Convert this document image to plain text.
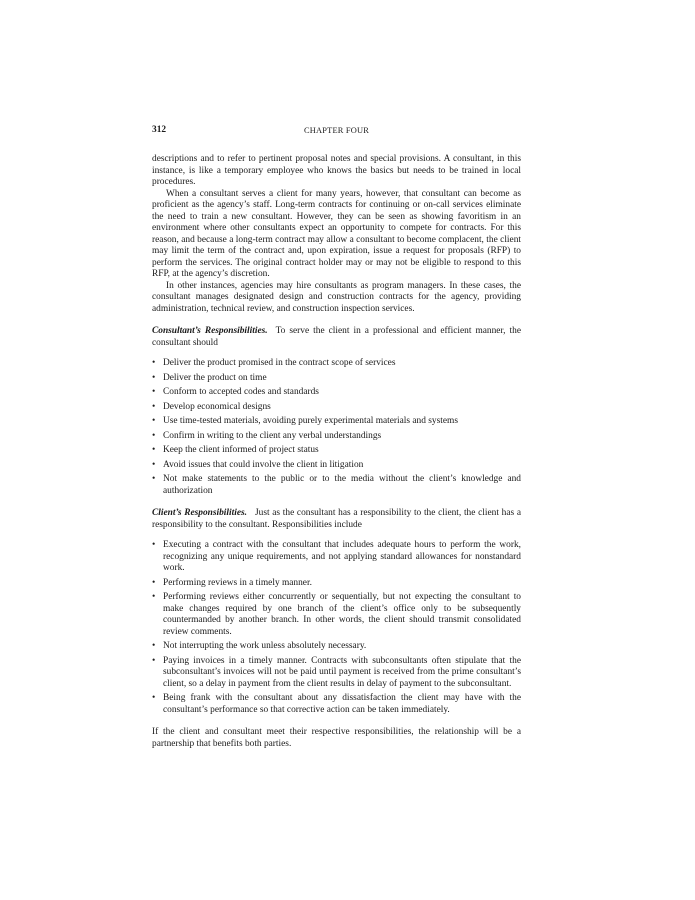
312	CHAPTER FOUR

descriptions and to refer to pertinent proposal notes and special provisions. A consultant, in this instance, is like a temporary employee who knows the basics but needs to be trained in local procedures.

When a consultant serves a client for many years, however, that consultant can become as proficient as the agency’s staff. Long-term contracts for continuing or on-call services eliminate the need to train a new consultant. However, they can be seen as showing favoritism in an environment where other consultants expect an opportunity to compete for contracts. For this reason, and because a long-term contract may allow a consultant to become complacent, the client may limit the term of the contract and, upon expiration, issue a request for proposals (RFP) to perform the services. The original contract holder may or may not be eligible to respond to this RFP, at the agency’s discretion.

In other instances, agencies may hire consultants as program managers. In these cases, the consultant manages designated design and construction contracts for the agency, providing administration, technical review, and construction inspection services.

Consultant’s Responsibilities. To serve the client in a professional and efficient manner, the consultant should

• Deliver the product promised in the contract scope of services
• Deliver the product on time
• Conform to accepted codes and standards
• Develop economical designs
• Use time-tested materials, avoiding purely experimental materials and systems
• Confirm in writing to the client any verbal understandings
• Keep the client informed of project status
• Avoid issues that could involve the client in litigation
• Not make statements to the public or to the media without the client’s knowledge and authorization

Client’s Responsibilities. Just as the consultant has a responsibility to the client, the client has a responsibility to the consultant. Responsibilities include

• Executing a contract with the consultant that includes adequate hours to perform the work, recognizing any unique requirements, and not applying standard allowances for nonstandard work.
• Performing reviews in a timely manner.
• Performing reviews either concurrently or sequentially, but not expecting the consultant to make changes required by one branch of the client’s office only to be subsequently countermanded by another branch. In other words, the client should transmit consolidated review comments.
• Not interrupting the work unless absolutely necessary.
• Paying invoices in a timely manner. Contracts with subconsultants often stipulate that the subconsultant’s invoices will not be paid until payment is received from the prime consultant’s client, so a delay in payment from the client results in delay of payment to the subconsultant.
• Being frank with the consultant about any dissatisfaction the client may have with the consultant’s performance so that corrective action can be taken immediately.

If the client and consultant meet their respective responsibilities, the relationship will be a partnership that benefits both parties.
